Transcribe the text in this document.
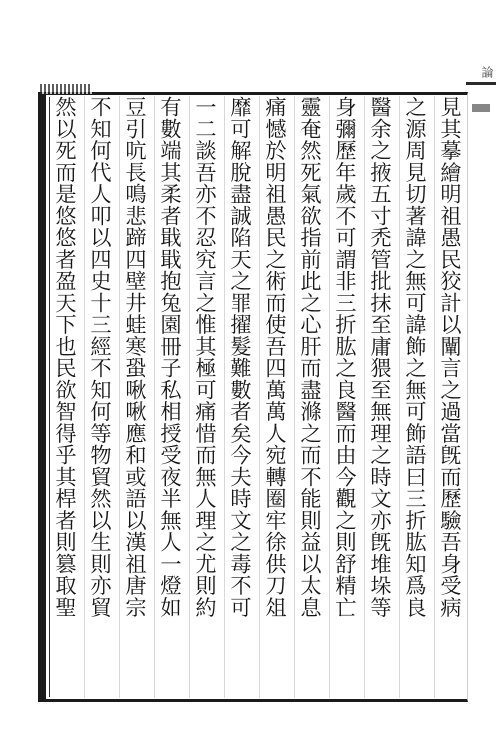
論
見其摹繪明祖愚民狡計以闡言之過當旣而歷驗吾身受病
之源周見切著諱之無可諱飾之無可飾語曰三折肱知爲良
醫余之掖五寸禿管批抹至庸猥至無理之時文亦旣堆垛等
身彌歷年歲不可謂非三折肱之良醫而由今觀之則舒精亡
靈奄然死氣欲指前此之心肝而盡滌之而不能則益以太息
痛憾於明祖愚民之術而使吾四萬萬人宛轉圈牢徐供刀俎
靡可解脫盡誠陷天之罪擢髮難數者矣今夫時文之毒不可
一二談吾亦不忍究言之惟其極可痛惜而無人理之尤則約
有數端其柔者戢戢抱兔園冊子私相授受夜半無人一燈如
豆引吭長鳴悲蹄四壁井蛙寒蛩啾啾應和或語以漢祖唐宗
不知何代人叩以四史十三經不知何等物貿然以生則亦貿
然以死而是悠悠者盈天下也民欲智得乎其桿者則篡取聖
